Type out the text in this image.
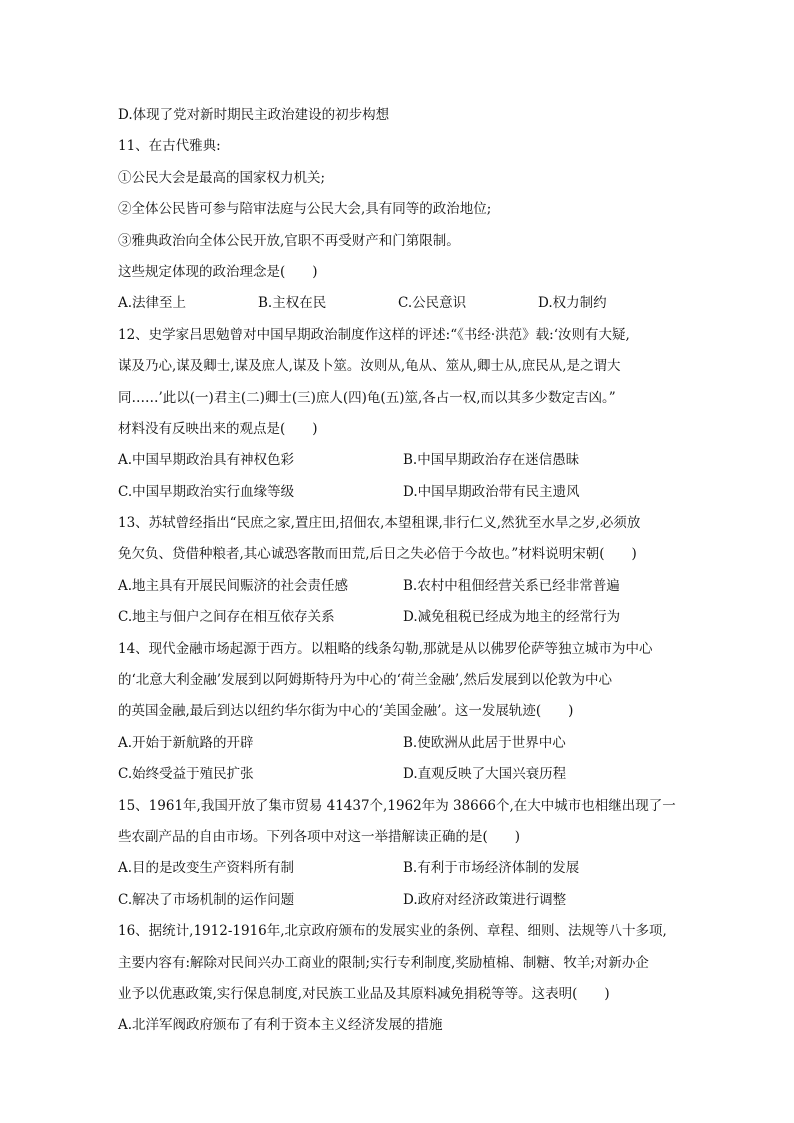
D.体现了党对新时期民主政治建设的初步构想
11、在古代雅典:
①公民大会是最高的国家权力机关;
②全体公民皆可参与陪审法庭与公民大会,具有同等的政治地位;
③雅典政治向全体公民开放,官职不再受财产和门第限制。
这些规定体现的政治理念是(　　)
A.法律至上	B.主权在民	C.公民意识	D.权力制约
12、史学家吕思勉曾对中国早期政治制度作这样的评述:“《书经·洪范》载:‘汝则有大疑,
谋及乃心,谋及卿士,谋及庶人,谋及卜筮。汝则从,龟从、筮从,卿士从,庶民从,是之谓大
同……’此以(一)君主(二)卿士(三)庶人(四)龟(五)筮,各占一权,而以其多少数定吉凶。”
材料没有反映出来的观点是(　　)
A.中国早期政治具有神权色彩	B.中国早期政治存在迷信愚昧
C.中国早期政治实行血缘等级	D.中国早期政治带有民主遗风
13、苏轼曾经指出“民庶之家,置庄田,招佃农,本望租课,非行仁义,然犹至水旱之岁,必须放
免欠负、贷借种粮者,其心诚恐客散而田荒,后日之失必倍于今故也。”材料说明宋朝(　　)
A.地主具有开展民间赈济的社会责任感	B.农村中租佃经营关系已经非常普遍
C.地主与佃户之间存在相互依存关系	D.减免租税已经成为地主的经常行为
14、现代金融市场起源于西方。以粗略的线条勾勒,那就是从以佛罗伦萨等独立城市为中心
的‘北意大利金融’发展到以阿姆斯特丹为中心的‘荷兰金融’,然后发展到以伦敦为中心
的英国金融,最后到达以纽约华尔街为中心的‘美国金融’。这一发展轨迹(　　)
A.开始于新航路的开辟	B.使欧洲从此居于世界中心
C.始终受益于殖民扩张	D.直观反映了大国兴衰历程
15、1961年,我国开放了集市贸易 41437个,1962年为 38666个,在大中城市也相继出现了一
些农副产品的自由市场。下列各项中对这一举措解读正确的是(　　)
A.目的是改变生产资料所有制	B.有利于市场经济体制的发展
C.解决了市场机制的运作问题	D.政府对经济政策进行调整
16、据统计,1912-1916年,北京政府颁布的发展实业的条例、章程、细则、法规等八十多项,
主要内容有:解除对民间兴办工商业的限制;实行专利制度,奖励植棉、制糖、牧羊;对新办企
业予以优惠政策,实行保息制度,对民族工业品及其原料减免捐税等等。这表明(　　)
A.北洋军阀政府颁布了有利于资本主义经济发展的措施
